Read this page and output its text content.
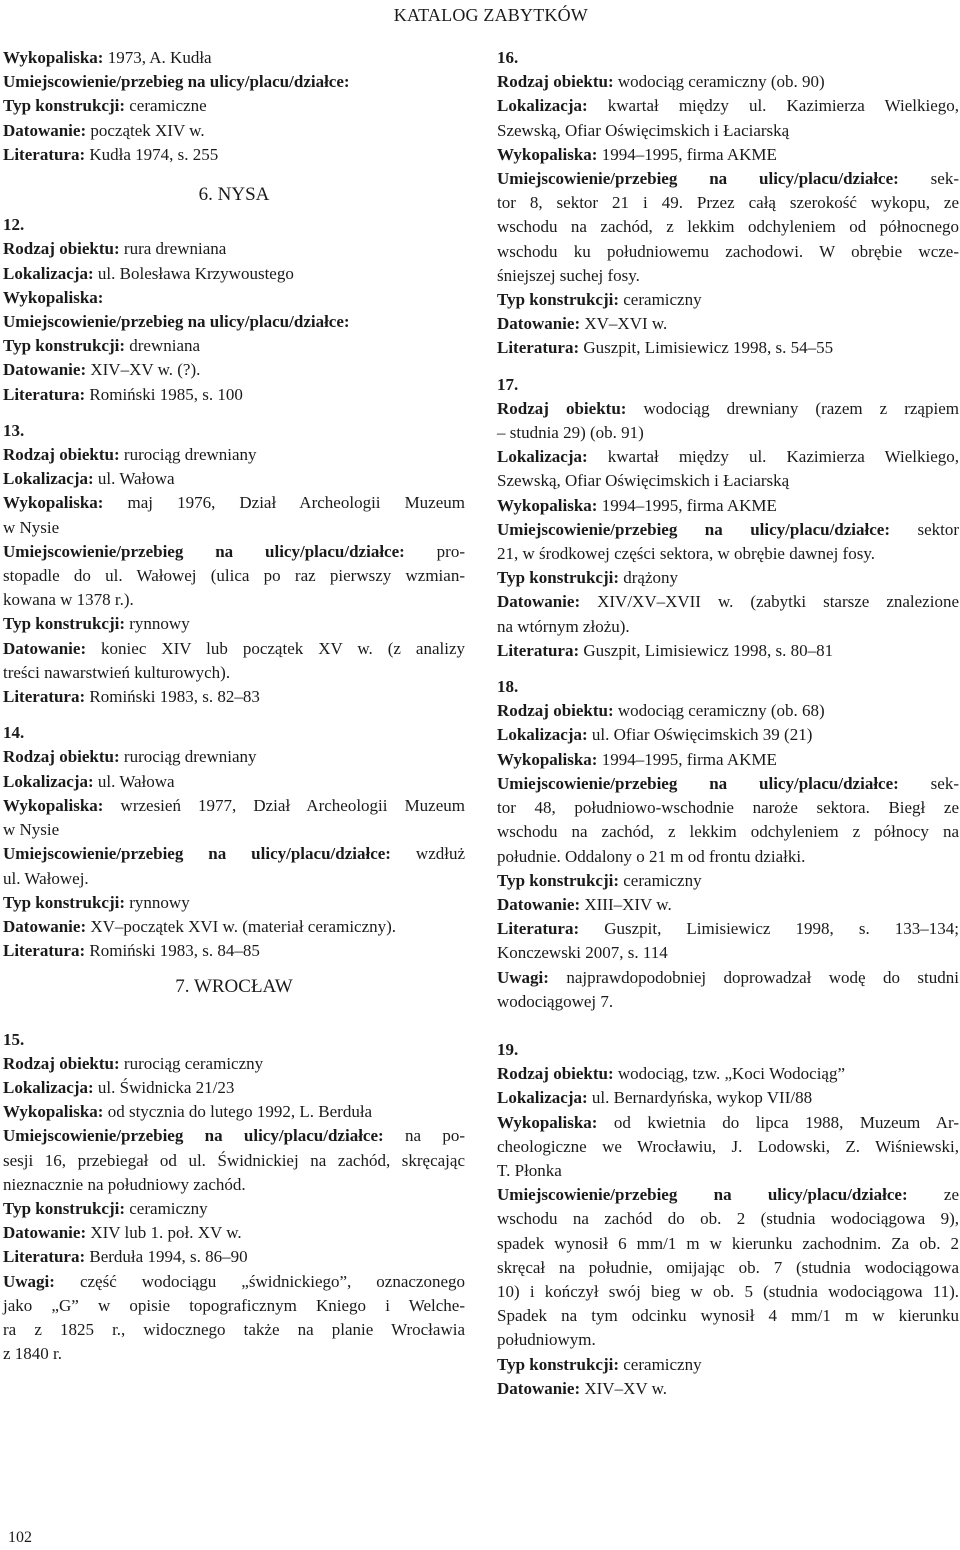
KATALOG ZABYTKÓW
Wykopaliska: 1973, A. Kudła
Umiejscowienie/przebieg na ulicy/placu/działce:
Typ konstrukcji: ceramiczne
Datowanie: początek XIV w.
Literatura: Kudła 1974, s. 255
6. NYSA
12.
Rodzaj obiektu: rura drewniana
Lokalizacja: ul. Bolesława Krzywoustego
Wykopaliska:
Umiejscowienie/przebieg na ulicy/placu/działce:
Typ konstrukcji: drewniana
Datowanie: XIV–XV w. (?).
Literatura: Romiński 1985, s. 100
13.
Rodzaj obiektu: rurociąg drewniany
Lokalizacja: ul. Wałowa
Wykopaliska: maj 1976, Dział Archeologii Muzeum
w Nysie
Umiejscowienie/przebieg na ulicy/placu/działce: pro-
stopadle do ul. Wałowej (ulica po raz pierwszy wzmian-
kowana w 1378 r.).
Typ konstrukcji: rynnowy
Datowanie: koniec XIV lub początek XV w. (z analizy
treści nawarstwień kulturowych).
Literatura: Romiński 1983, s. 82–83
14.
Rodzaj obiektu: rurociąg drewniany
Lokalizacja: ul. Wałowa
Wykopaliska: wrzesień 1977, Dział Archeologii Muzeum
w Nysie
Umiejscowienie/przebieg na ulicy/placu/działce: wzdłuż
ul. Wałowej.
Typ konstrukcji: rynnowy
Datowanie: XV–początek XVI w. (materiał ceramiczny).
Literatura: Romiński 1983, s. 84–85
7. WROCŁAW
15.
Rodzaj obiektu: rurociąg ceramiczny
Lokalizacja: ul. Świdnicka 21/23
Wykopaliska: od stycznia do lutego 1992, L. Berduła
Umiejscowienie/przebieg na ulicy/placu/działce: na po-
sesji 16, przebiegał od ul. Świdnickiej na zachód, skręcając
nieznacznie na południowy zachód.
Typ konstrukcji: ceramiczny
Datowanie: XIV lub 1. poł. XV w.
Literatura: Berduła 1994, s. 86–90
Uwagi: część wodociągu „świdnickiego”, oznaczonego
jako „G” w opisie topograficznym Kniego i Welche-
ra z 1825 r., widocznego także na planie Wrocławia
z 1840 r.
16.
Rodzaj obiektu: wodociąg ceramiczny (ob. 90)
Lokalizacja: kwartał między ul. Kazimierza Wielkiego,
Szewską, Ofiar Oświęcimskich i Łaciarską
Wykopaliska: 1994–1995, firma AKME
Umiejscowienie/przebieg na ulicy/placu/działce: sek-
tor 8, sektor 21 i 49. Przez całą szerokość wykopu, ze
wschodu na zachód, z lekkim odchyleniem od północnego
wschodu ku południowemu zachodowi. W obrębie wcze-
śniejszej suchej fosy.
Typ konstrukcji: ceramiczny
Datowanie: XV–XVI w.
Literatura: Guszpit, Limisiewicz 1998, s. 54–55
17.
Rodzaj obiektu: wodociąg drewniany (razem z rząpiem
– studnia 29) (ob. 91)
Lokalizacja: kwartał między ul. Kazimierza Wielkiego,
Szewską, Ofiar Oświęcimskich i Łaciarską
Wykopaliska: 1994–1995, firma AKME
Umiejscowienie/przebieg na ulicy/placu/działce: sektor
21, w środkowej części sektora, w obrębie dawnej fosy.
Typ konstrukcji: drążony
Datowanie: XIV/XV–XVII w. (zabytki starsze znalezione
na wtórnym złożu).
Literatura: Guszpit, Limisiewicz 1998, s. 80–81
18.
Rodzaj obiektu: wodociąg ceramiczny (ob. 68)
Lokalizacja: ul. Ofiar Oświęcimskich 39 (21)
Wykopaliska: 1994–1995, firma AKME
Umiejscowienie/przebieg na ulicy/placu/działce: sek-
tor 48, południowo-wschodnie naroże sektora. Biegł ze
wschodu na zachód, z lekkim odchyleniem z północy na
południe. Oddalony o 21 m od frontu działki.
Typ konstrukcji: ceramiczny
Datowanie: XIII–XIV w.
Literatura: Guszpit, Limisiewicz 1998, s. 133–134;
Konczewski 2007, s. 114
Uwagi: najprawdopodobniej doprowadzał wodę do studni
wodociągowej 7.
19.
Rodzaj obiektu: wodociąg, tzw. „Koci Wodociąg”
Lokalizacja: ul. Bernardyńska, wykop VII/88
Wykopaliska: od kwietnia do lipca 1988, Muzeum Ar-
cheologiczne we Wrocławiu, J. Lodowski, Z. Wiśniewski,
T. Płonka
Umiejscowienie/przebieg na ulicy/placu/działce: ze
wschodu na zachód do ob. 2 (studnia wodociągowa 9),
spadek wynosił 6 mm/1 m w kierunku zachodnim. Za ob. 2
skręcał na południe, omijając ob. 7 (studnia wodociągowa
10) i kończył swój bieg w ob. 5 (studnia wodociągowa 11).
Spadek na tym odcinku wynosił 4 mm/1 m w kierunku
południowym.
Typ konstrukcji: ceramiczny
Datowanie: XIV–XV w.
102
